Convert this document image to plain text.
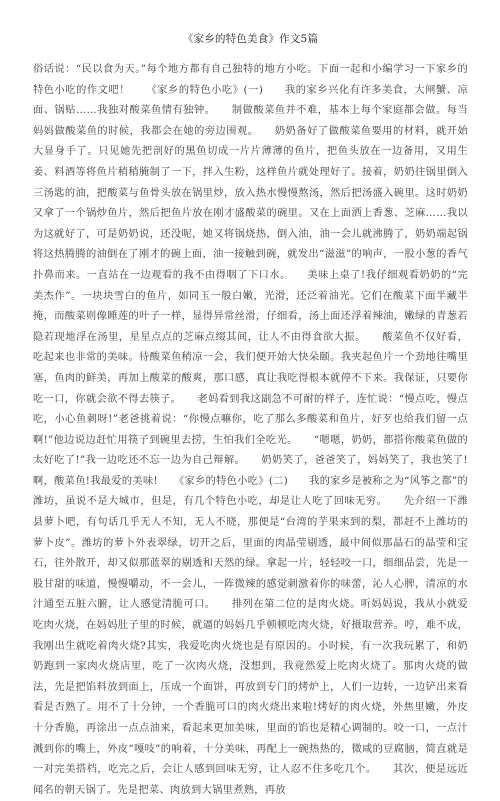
《家乡的特色美食》作文5篇
俗话说：“民以食为天。”每个地方都有自己独特的地方小吃。下面一起和小编学习一下家乡的特色小吃的作文吧！　　《家乡的特色小吃》(一)　　我的家乡兴化有许多美食，大闸蟹、凉面、锅贴……我独对酸菜鱼情有独钟。　　制做酸菜鱼并不难，基本上每个家庭都会做。每当妈妈做酸菜鱼的时候，我都会在她的旁边围观。　　奶奶备好了做酸菜鱼要用的材料，就开始大显身手了。只见她先把剖好的黑鱼切成一片片薄薄的鱼片，把鱼头放在一边备用，又用生姜、料酒等将鱼片稍稍腌制了一下，拌入生粉，这样鱼片就处理好了。接着，奶奶往锅里倒入三汤匙的油，把酸菜与鱼骨头放在锅里炒，放入热水慢慢熬汤，然后把汤盛入碗里。这时奶奶又拿了一个锅炒鱼片，然后把鱼片放在刚才盛酸菜的碗里。又在上面洒上香葱、芝麻……我以为这就好了，可是奶奶说，还没呢，她又将锅烧热，倒入油，油一会儿就沸腾了，奶奶端起锅将这热腾腾的油倒在了刚才的碗上面，油一接触到碗，就发出“滋滋”的响声，一股小葱的香气扑鼻而来。一直站在一边观看的我不由得咽了下口水。　　美味上桌了!我仔细观看奶奶的“完美杰作”。一块块雪白的鱼片，如同玉一般白嫩，光滑，还泛着油光。它们在酸菜下面半藏半掩，而酸菜则像睡莲的叶子一样，显得异常丝滑，仔细看，汤上面还浮着辣油，嫩绿的青葱若隐若现地浮在汤里，星星点点的芝麻点缀其间，让人不由得食欲大振。　　酸菜鱼不仅好看，吃起来也非常的美味。待酸菜鱼稍凉一会，我们便开始大快朵颐。我夹起鱼片一个劲地往嘴里塞，鱼肉的鲜美，再加上酸菜的酸爽，那口感，真让我吃得根本就停不下来。我保证，只要你吃一口，你就会欲不得去筷子。　　老妈看到我这副急不可耐的样子，连忙说：“慢点吃，慢点吃，小心鱼刺呀!”老爸挑着说：“你慢点嘛你，吃了那么多酸菜和鱼片，好歹也给我们留一点啊!”他边说边赶忙用筷子到碗里去捞，生怕我们全吃光。　　“嗯嗯，奶奶，都搭你酸菜鱼做的太好吃了!”我一边吃还不忘一边为自己辩解。　　奶奶笑了，爸爸笑了，妈妈笑了，我也笑了!　　啊，酸菜鱼!我最爱的美味!　　《家乡的特色小吃》(二)　　我的家乡是被称之为“风筝之都”的潍坊，虽说不是大城市，但是，有几个特色小吃，却是让人吃了回味无穷。　　先介绍一下潍县萝卜吧，有句话几乎无人不知，无人不晓，那便是“台湾的芋果来到的梨，都赶不上潍坊的萝卜皮”。潍坊的萝卜外表翠绿，切开之后，里面的肉晶莹剔透，最中间似那晶石的晶莹和宝石，往外散开，却又似那蓝翠的剔透和天然的绿。拿起一片，轻轻咬一口，细细品尝，先是一股甘甜的味道，慢慢嚼动，不一会儿，一阵微辣的感觉刺激着你的味蕾，沁人心脾，清凉的水汁通至五脏六腑，让人感觉清脆可口。　　排列在第二位的是肉火烧。听妈妈说，我从小就爱吃肉火烧，在妈妈肚子里的时候，就逼的妈妈几乎顿顿吃肉火烧，好摄取营养。哼，难不成，我刚出生就吃着肉火烧?其实，我爱吃肉火烧也是有原因的。小时候，有一次我玩累了，和奶奶跑到一家肉火烧店里，吃了一次肉火烧，没想到，我竟然爱上吃肉火烧了。那肉火烧的做法，先是把馅料放到面上，压成一个面饼，再放到专门的烤炉上，人们一边转，一边铲出来看看是否熟了。用不了十分钟，一个香脆可口的肉火烧出来啦!烤好的肉火烧，外焦里嫩，外皮十分香脆，再涂出一点点油来，看起来更加美味，里面的馅也是精心调制的。咬一口，一点汁溅到你的嘴上，外皮“嘎吱”的响着，十分美味，再配上一碗热热的，微咸的豆腐脑，简直就是一对完美搭档，吃完之后，会让人感到回味无穷，让人忍不住多吃几个。　　其次，便是远近闻名的朝天锅了。先是把菜、肉放到大锅里煮熟，再放
